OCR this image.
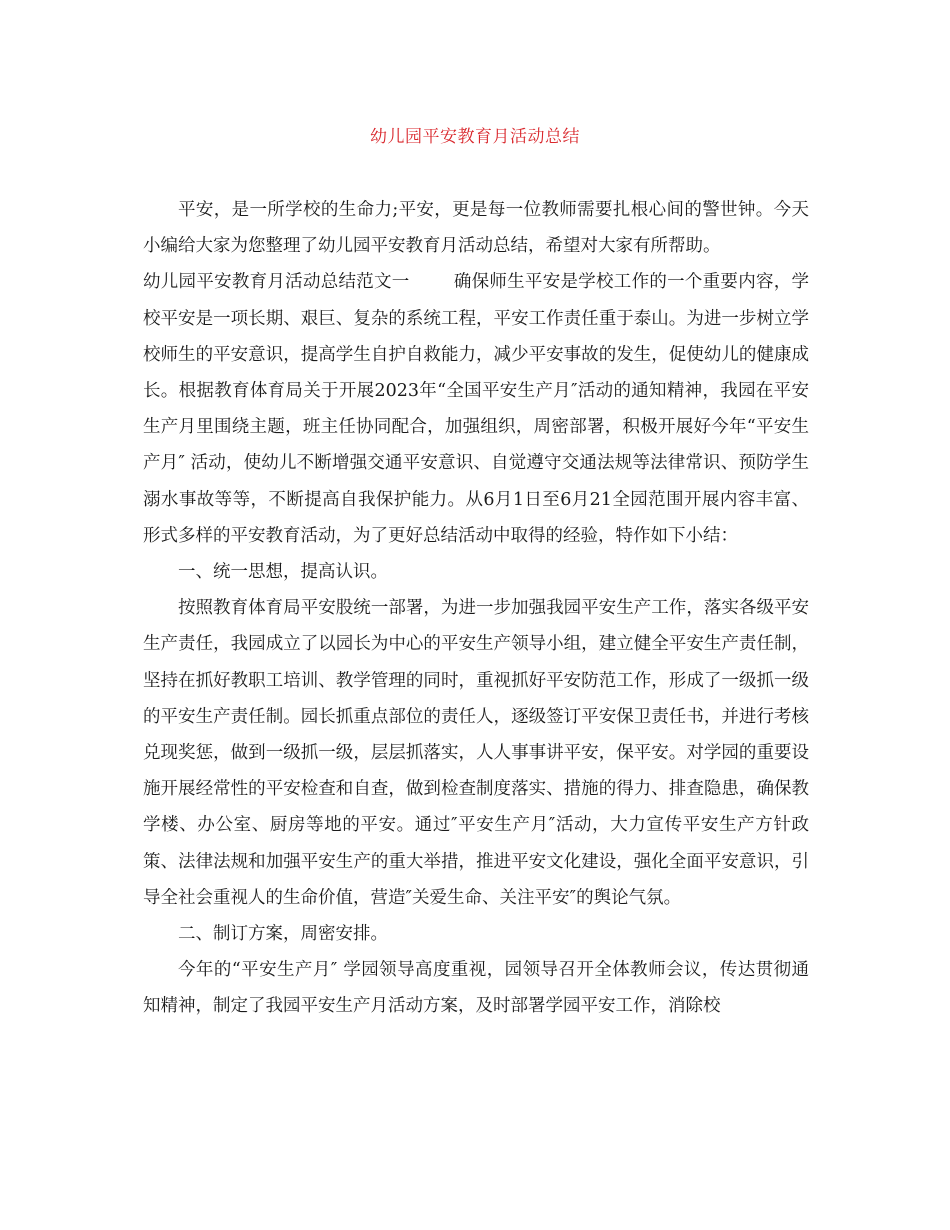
幼儿园平安教育月活动总结

平安，是一所学校的生命力;平安，更是每一位教师需要扎根心间的警世钟。今天小编给大家为您整理了幼儿园平安教育月活动总结，希望对大家有所帮助。

幼儿园平安教育月活动总结范文一	确保师生平安是学校工作的一个重要内容，学校平安是一项长期、艰巨、复杂的系统工程，平安工作责任重于泰山。为进一步树立学校师生的平安意识，提高学生自护自救能力，减少平安事故的发生，促使幼儿的健康成长。根据教育体育局关于开展2023年“全国平安生产月″活动的通知精神，我园在平安生产月里围绕主题，班主任协同配合，加强组织，周密部署，积极开展好今年“平安生产月″ 活动，使幼儿不断增强交通平安意识、自觉遵守交通法规等法律常识、预防学生溺水事故等等，不断提高自我保护能力。从6月1日至6月21全园范围开展内容丰富、形式多样的平安教育活动，为了更好总结活动中取得的经验，特作如下小结：

一、统一思想，提高认识。

按照教育体育局平安股统一部署，为进一步加强我园平安生产工作，落实各级平安生产责任，我园成立了以园长为中心的平安生产领导小组，建立健全平安生产责任制，坚持在抓好教职工培训、教学管理的同时，重视抓好平安防范工作，形成了一级抓一级的平安生产责任制。园长抓重点部位的责任人，逐级签订平安保卫责任书，并进行考核兑现奖惩，做到一级抓一级，层层抓落实，人人事事讲平安，保平安。对学园的重要设施开展经常性的平安检查和自查，做到检查制度落实、措施的得力、排查隐患，确保教学楼、办公室、厨房等地的平安。通过″平安生产月″活动，大力宣传平安生产方针政策、法律法规和加强平安生产的重大举措，推进平安文化建设，强化全面平安意识，引导全社会重视人的生命价值，营造″关爱生命、关注平安″的舆论气氛。

二、制订方案，周密安排。

今年的“平安生产月″ 学园领导高度重视，园领导召开全体教师会议，传达贯彻通知精神，制定了我园平安生产月活动方案，及时部署学园平安工作，消除校
